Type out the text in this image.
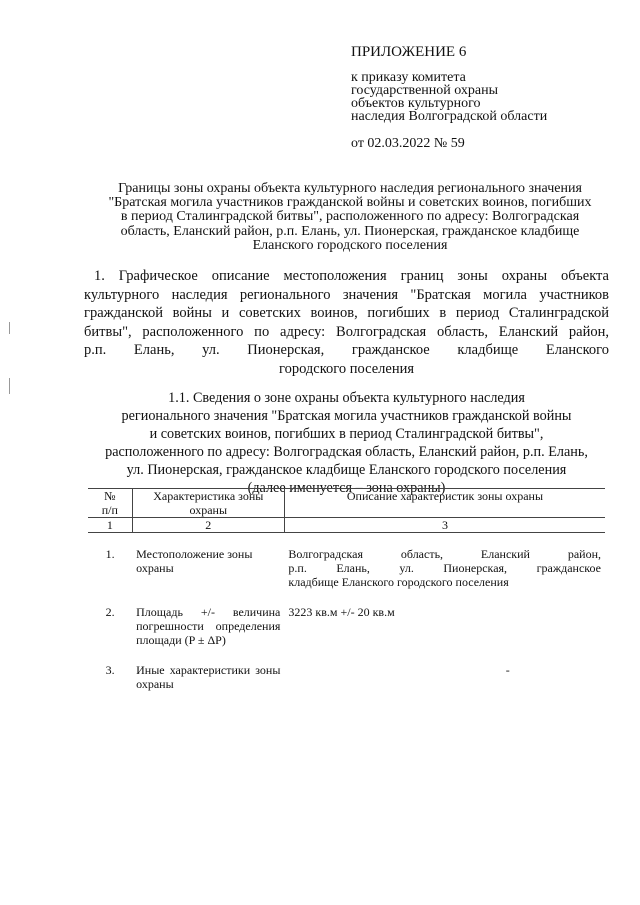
ПРИЛОЖЕНИЕ 6
к приказу комитета
государственной охраны
объектов культурного
наследия Волгоградской области
от 02.03.2022 № 59
Границы зоны охраны объекта культурного наследия регионального значения
"Братская могила участников гражданской войны и советских воинов, погибших
в период Сталинградской битвы", расположенного по адресу: Волгоградская
область, Еланский район, р.п. Елань, ул. Пионерская, гражданское кладбище
Еланского городского поселения
1. Графическое описание местоположения границ зоны охраны объекта
культурного наследия регионального значения "Братская могила участников
гражданской войны и советских воинов, погибших в период Сталинградской
битвы", расположенного по адресу: Волгоградская область, Еланский район,
р.п. Елань, ул. Пионерская, гражданское кладбище Еланского
городского поселения
1.1. Сведения о зоне охраны объекта культурного наследия
регионального значения "Братская могила участников гражданской войны
и советских воинов, погибших в период Сталинградской битвы",
расположенного по адресу: Волгоградская область, Еланский район, р.п. Елань,
ул. Пионерская, гражданское кладбище Еланского городского поселения
(далее именуется – зона охраны)
№
п/п	Характеристика зоны охраны	Описание характеристик зоны охраны
1	2	3
1.	Местоположение зоны охраны	Волгоградская область, Еланский район,
р.п. Елань, ул. Пионерская, гражданское
кладбище Еланского городского поселения

2.	Площадь +/- величина
погрешности определения
площади (P ± ΔP)	3223 кв.м +/- 20 кв.м
3.	Иные характеристики зоны
охраны	-
